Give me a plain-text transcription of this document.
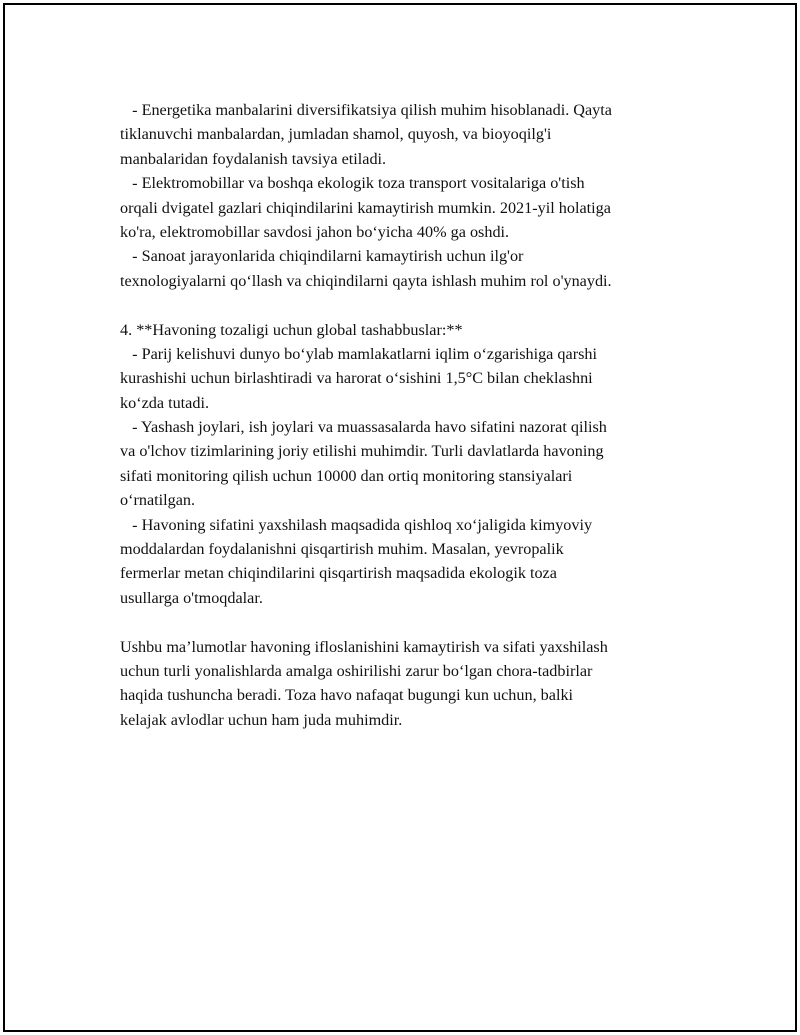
- Energetika manbalarini diversifikatsiya qilish muhim hisoblanadi. Qayta
tiklanuvchi manbalardan, jumladan shamol, quyosh, va bioyoqilg'i
manbalaridan foydalanish tavsiya etiladi.
- Elektromobillar va boshqa ekologik toza transport vositalariga o'tish
orqali dvigatel gazlari chiqindilarini kamaytirish mumkin. 2021-yil holatiga
ko'ra, elektromobillar savdosi jahon bo‘yicha 40% ga oshdi.
- Sanoat jarayonlarida chiqindilarni kamaytirish uchun ilg'or
texnologiyalarni qo‘llash va chiqindilarni qayta ishlash muhim rol o'ynaydi.
4. **Havoning tozaligi uchun global tashabbuslar:**
- Parij kelishuvi dunyo bo‘ylab mamlakatlarni iqlim o‘zgarishiga qarshi
kurashishi uchun birlashtiradi va harorat o‘sishini 1,5°C bilan cheklashni
ko‘zda tutadi.
- Yashash joylari, ish joylari va muassasalarda havo sifatini nazorat qilish
va o'lchov tizimlarining joriy etilishi muhimdir. Turli davlatlarda havoning
sifati monitoring qilish uchun 10000 dan ortiq monitoring stansiyalari
o‘rnatilgan.
- Havoning sifatini yaxshilash maqsadida qishloq xo‘jaligida kimyoviy
moddalardan foydalanishni qisqartirish muhim. Masalan, yevropalik
fermerlar metan chiqindilarini qisqartirish maqsadida ekologik toza
usullarga o'tmoqdalar.
Ushbu ma’lumotlar havoning ifloslanishini kamaytirish va sifati yaxshilash
uchun turli yonalishlarda amalga oshirilishi zarur bo‘lgan chora-tadbirlar
haqida tushuncha beradi. Toza havo nafaqat bugungi kun uchun, balki
kelajak avlodlar uchun ham juda muhimdir.
